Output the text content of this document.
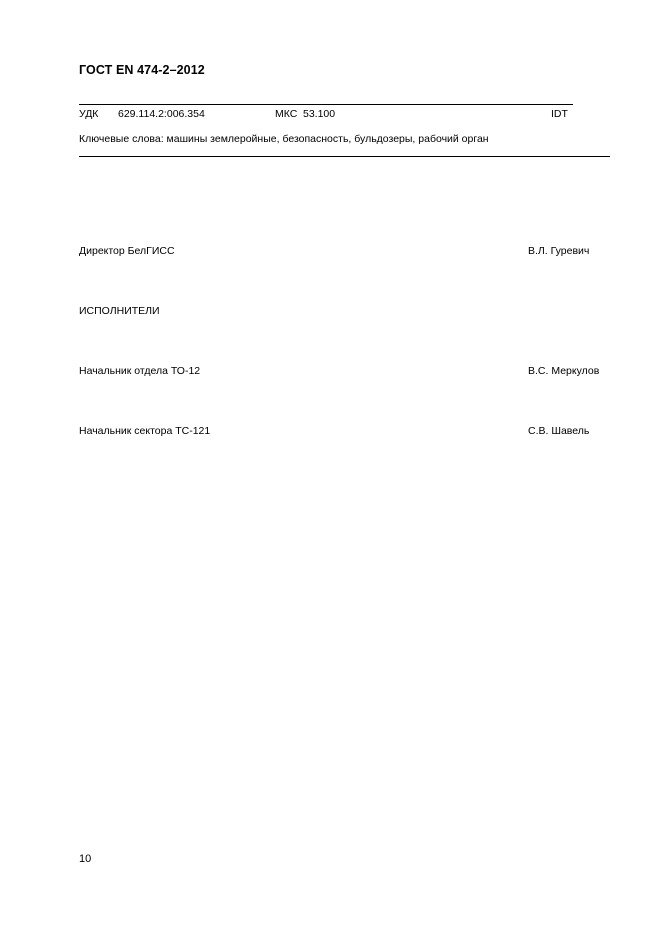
ГОСТ EN 474-2–2012
УДК 629.114.2:006.354	МКС 53.100	IDT
Ключевые слова: машины землеройные, безопасность, бульдозеры, рабочий орган
Директор БелГИСС	В.Л. Гуревич
ИСПОЛНИТЕЛИ
Начальник отдела ТО-12	В.С. Меркулов
Начальник сектора ТС-121	С.В. Шавель
10
